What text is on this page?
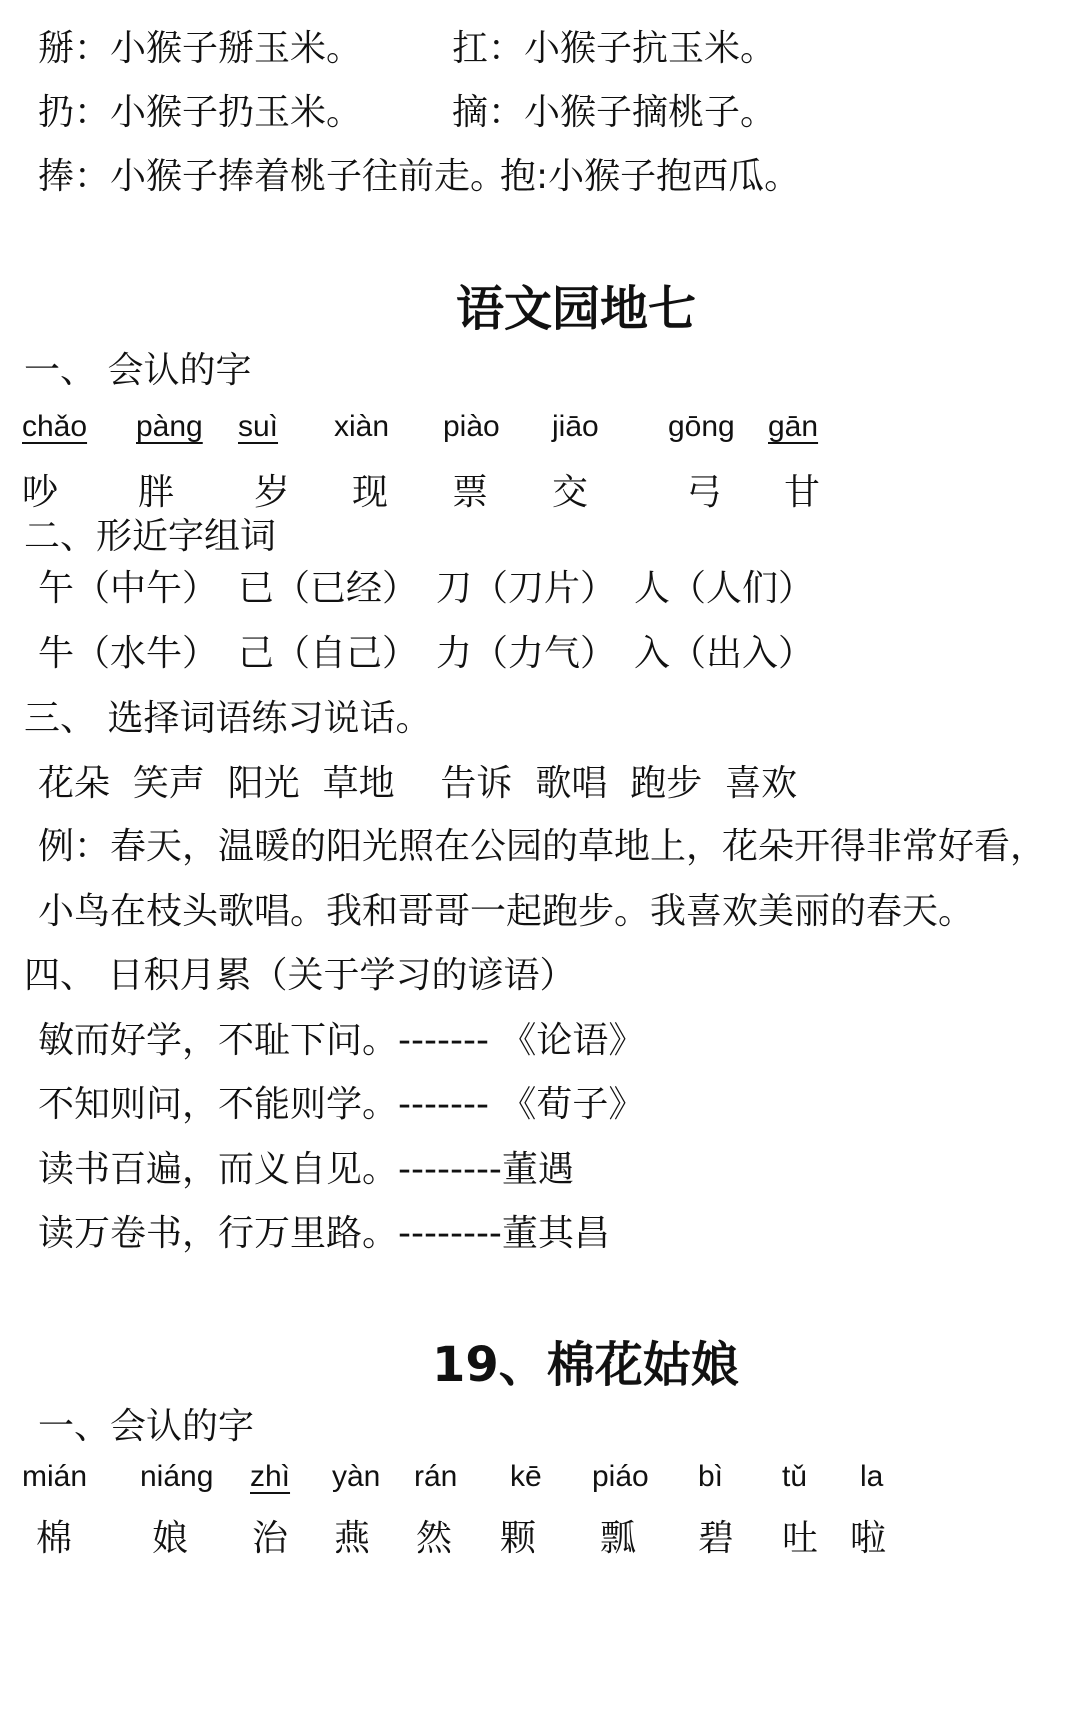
掰：小猴子掰玉米。 扛：小猴子抗玉米。
扔：小猴子扔玉米。 摘：小猴子摘桃子。
捧：小猴子捧着桃子往前走。
抱:小猴子抱西瓜。
语文园地七
一、 会认的字
chǎo	pàng suì xiàn piào jiāo gōng gān
吵 胖 岁 现 票 交	弓 甘
二、形近字组词
午（中午） 已（已经） 刀（刀片） 人（人们）
牛（水牛） 己（自己） 力（力气） 入（出入）
三、 选择词语练习说话。
花朵  笑声  阳光  草地    告诉  歌唱  跑步  喜欢
例：春天，温暖的阳光照在公园的草地上，花朵开得非常好看，
小鸟在枝头歌唱。我和哥哥一起跑步。我喜欢美丽的春天。
四、 日积月累（关于学习的谚语）
敏而好学，不耻下问。------- 《论语》
不知则问，不能则学。------- 《荀子》
读书百遍，而义自见。--------董遇
读万卷书，行万里路。--------董其昌
19、棉花姑娘
一、会认的字
mián niáng zhì yàn rán kē piáo bì tǔ la
棉 娘 治 燕 然 颗 瓢 碧 吐 啦
